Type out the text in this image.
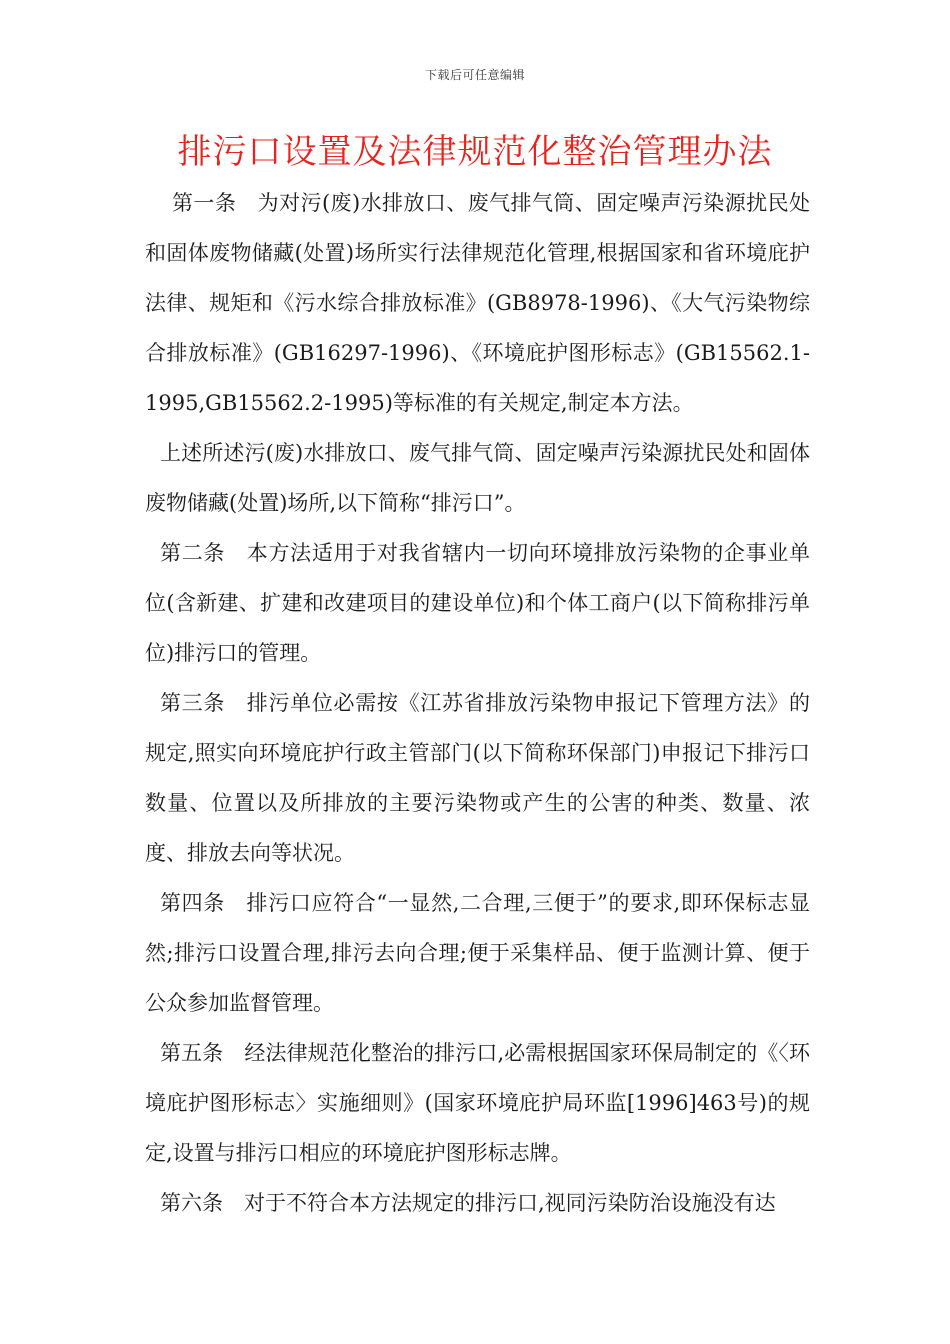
下载后可任意编辑
排污口设置及法律规范化整治管理办法

第一条　为对污(废)水排放口、废气排气筒、固定噪声污染源扰民处和固体废物储藏(处置)场所实行法律规范化管理,根据国家和省环境庇护法律、规矩和《污水综合排放标准》(GB8978-1996)、《大气污染物综合排放标准》(GB16297-1996)、《环境庇护图形标志》(GB15562.1-1995,GB15562.2-1995)等标准的有关规定,制定本方法。

上述所述污(废)水排放口、废气排气筒、固定噪声污染源扰民处和固体废物储藏(处置)场所,以下简称“排污口”。

第二条　本方法适用于对我省辖内一切向环境排放污染物的企事业单位(含新建、扩建和改建项目的建设单位)和个体工商户(以下简称排污单位)排污口的管理。

第三条　排污单位必需按《江苏省排放污染物申报记下管理方法》的规定,照实向环境庇护行政主管部门(以下简称环保部门)申报记下排污口数量、位置以及所排放的主要污染物或产生的公害的种类、数量、浓度、排放去向等状况。

第四条　排污口应符合“一显然,二合理,三便于”的要求,即环保标志显然;排污口设置合理,排污去向合理;便于采集样品、便于监测计算、便于公众参加监督管理。

第五条　经法律规范化整治的排污口,必需根据国家环保局制定的《〈环境庇护图形标志〉实施细则》(国家环境庇护局环监[1996]463号)的规定,设置与排污口相应的环境庇护图形标志牌。

第六条　对于不符合本方法规定的排污口,视同污染防治设施没有达
